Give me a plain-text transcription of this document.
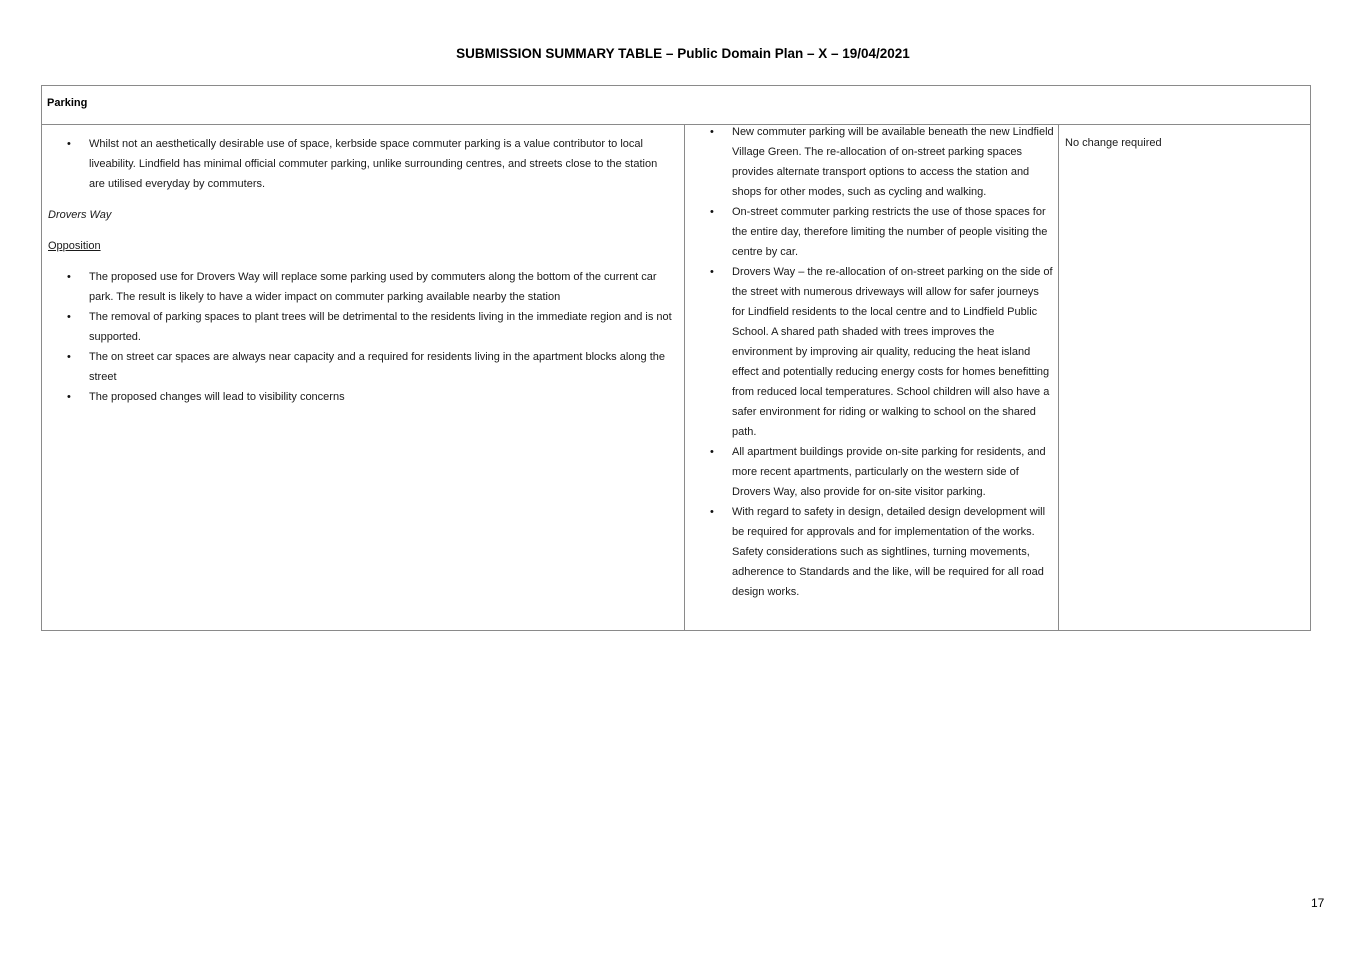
SUBMISSION SUMMARY TABLE – Public Domain Plan – X – 19/04/2021
Parking
• Whilst not an aesthetically desirable use of space, kerbside space commuter parking is a value contributor to local liveability. Lindfield has minimal official commuter parking, unlike surrounding centres, and streets close to the station are utilised everyday by commuters.
Drovers Way
Opposition
• The proposed use for Drovers Way will replace some parking used by commuters along the bottom of the current car park. The result is likely to have a wider impact on commuter parking available nearby the station
• The removal of parking spaces to plant trees will be detrimental to the residents living in the immediate region and is not supported.
• The on street car spaces are always near capacity and a required for residents living in the apartment blocks along the street
• The proposed changes will lead to visibility concerns
• New commuter parking will be available beneath the new Lindfield Village Green. The re-allocation of on-street parking spaces provides alternate transport options to access the station and shops for other modes, such as cycling and walking.
• On-street commuter parking restricts the use of those spaces for the entire day, therefore limiting the number of people visiting the centre by car.
• Drovers Way – the re-allocation of on-street parking on the side of the street with numerous driveways will allow for safer journeys for Lindfield residents to the local centre and to Lindfield Public School. A shared path shaded with trees improves the environment by improving air quality, reducing the heat island effect and potentially reducing energy costs for homes benefitting from reduced local temperatures. School children will also have a safer environment for riding or walking to school on the shared path.
• All apartment buildings provide on-site parking for residents, and more recent apartments, particularly on the western side of Drovers Way, also provide for on-site visitor parking.
• With regard to safety in design, detailed design development will be required for approvals and for implementation of the works. Safety considerations such as sightlines, turning movements, adherence to Standards and the like, will be required for all road design works.
No change required
17
